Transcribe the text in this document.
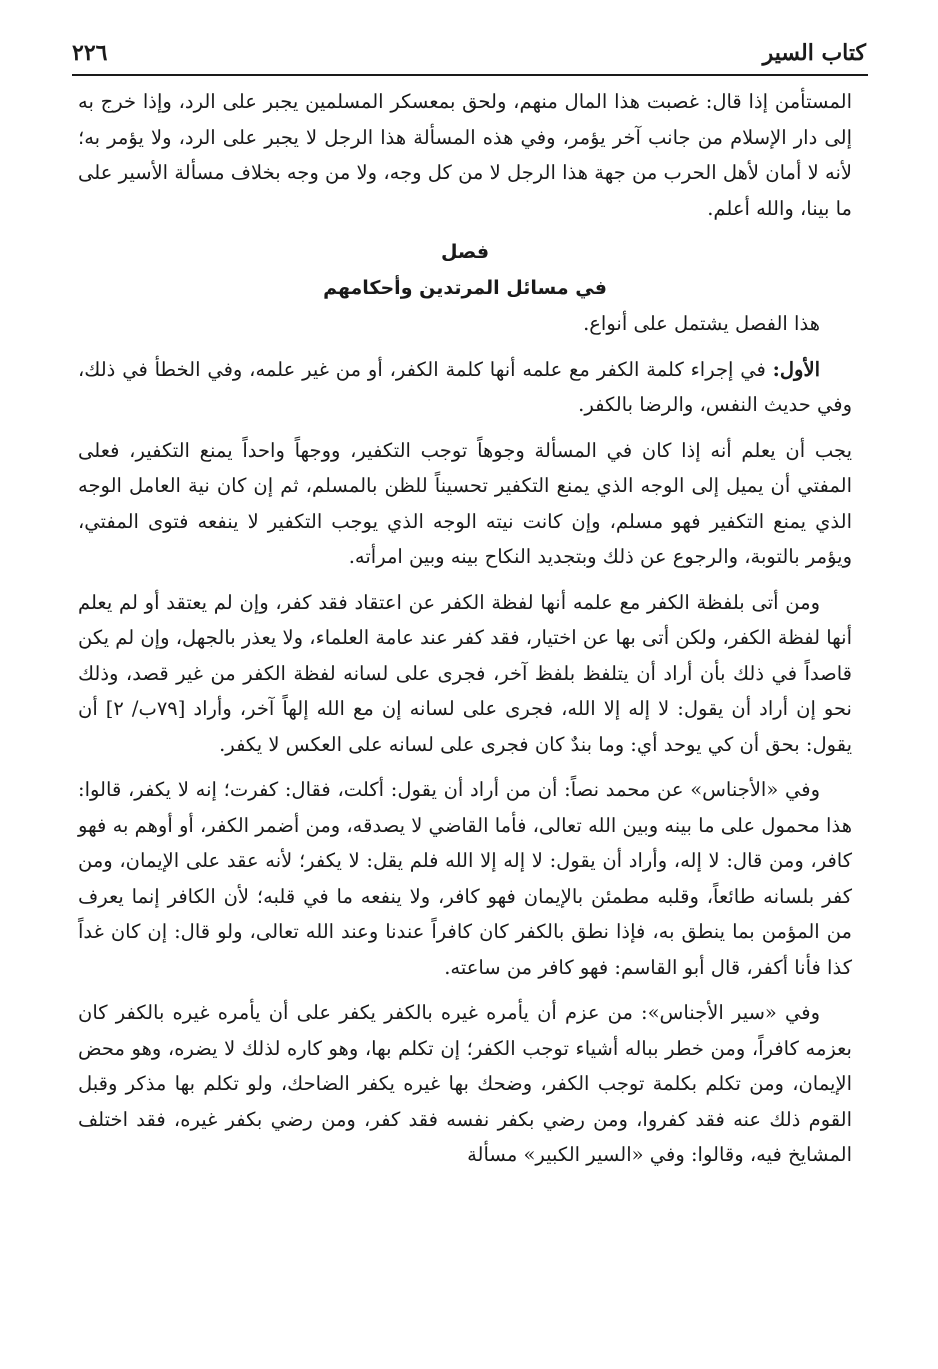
كتاب السير
٢٢٦

المستأمن إذا قال: غصبت هذا المال منهم، ولحق بمعسكر المسلمين يجبر على الرد، وإذا خرج به إلى دار الإسلام من جانب آخر يؤمر، وفي هذه المسألة هذا الرجل لا يجبر على الرد، ولا يؤمر به؛ لأنه لا أمان لأهل الحرب من جهة هذا الرجل لا من كل وجه، ولا من وجه بخلاف مسألة الأسير على ما بينا، والله أعلم.

فصل

في مسائل المرتدين وأحكامهم

هذا الفصل يشتمل على أنواع.

الأول: في إجراء كلمة الكفر مع علمه أنها كلمة الكفر، أو من غير علمه، وفي الخطأ في ذلك، وفي حديث النفس، والرضا بالكفر.

يجب أن يعلم أنه إذا كان في المسألة وجوهاً توجب التكفير، ووجهاً واحداً يمنع التكفير، فعلى المفتي أن يميل إلى الوجه الذي يمنع التكفير تحسيناً للظن بالمسلم، ثم إن كان نية العامل الوجه الذي يمنع التكفير فهو مسلم، وإن كانت نيته الوجه الذي يوجب التكفير لا ينفعه فتوى المفتي، ويؤمر بالتوبة، والرجوع عن ذلك وبتجديد النكاح بينه وبين امرأته.

ومن أتى بلفظة الكفر مع علمه أنها لفظة الكفر عن اعتقاد فقد كفر، وإن لم يعتقد أو لم يعلم أنها لفظة الكفر، ولكن أتى بها عن اختيار، فقد كفر عند عامة العلماء، ولا يعذر بالجهل، وإن لم يكن قاصداً في ذلك بأن أراد أن يتلفظ بلفظ آخر، فجرى على لسانه لفظة الكفر من غير قصد، وذلك نحو إن أراد أن يقول: لا إله إلا الله، فجرى على لسانه إن مع الله إلهاً آخر، وأراد [٧٩ب/ ٢] أن يقول: بحق أن كي يوحد أي: وما بندٌ كان فجرى على لسانه على العكس لا يكفر.

وفي «الأجناس» عن محمد نصاً: أن من أراد أن يقول: أكلت، فقال: كفرت؛ إنه لا يكفر، قالوا: هذا محمول على ما بينه وبين الله تعالى، فأما القاضي لا يصدقه، ومن أضمر الكفر، أو أوهم به فهو كافر، ومن قال: لا إله، وأراد أن يقول: لا إله إلا الله فلم يقل: لا يكفر؛ لأنه عقد على الإيمان، ومن كفر بلسانه طائعاً، وقلبه مطمئن بالإيمان فهو كافر، ولا ينفعه ما في قلبه؛ لأن الكافر إنما يعرف من المؤمن بما ينطق به، فإذا نطق بالكفر كان كافراً عندنا وعند الله تعالى، ولو قال: إن كان غداً كذا فأنا أكفر، قال أبو القاسم: فهو كافر من ساعته.

وفي «سير الأجناس»: من عزم أن يأمره غيره بالكفر يكفر على أن يأمره غيره بالكفر كان بعزمه كافراً، ومن خطر بباله أشياء توجب الكفر؛ إن تكلم بها، وهو كاره لذلك لا يضره، وهو محض الإيمان، ومن تكلم بكلمة توجب الكفر، وضحك بها غيره يكفر الضاحك، ولو تكلم بها مذكر وقبل القوم ذلك عنه فقد كفروا، ومن رضي بكفر نفسه فقد كفر، ومن رضي بكفر غيره، فقد اختلف المشايخ فيه، وقالوا: وفي «السير الكبير» مسألة
